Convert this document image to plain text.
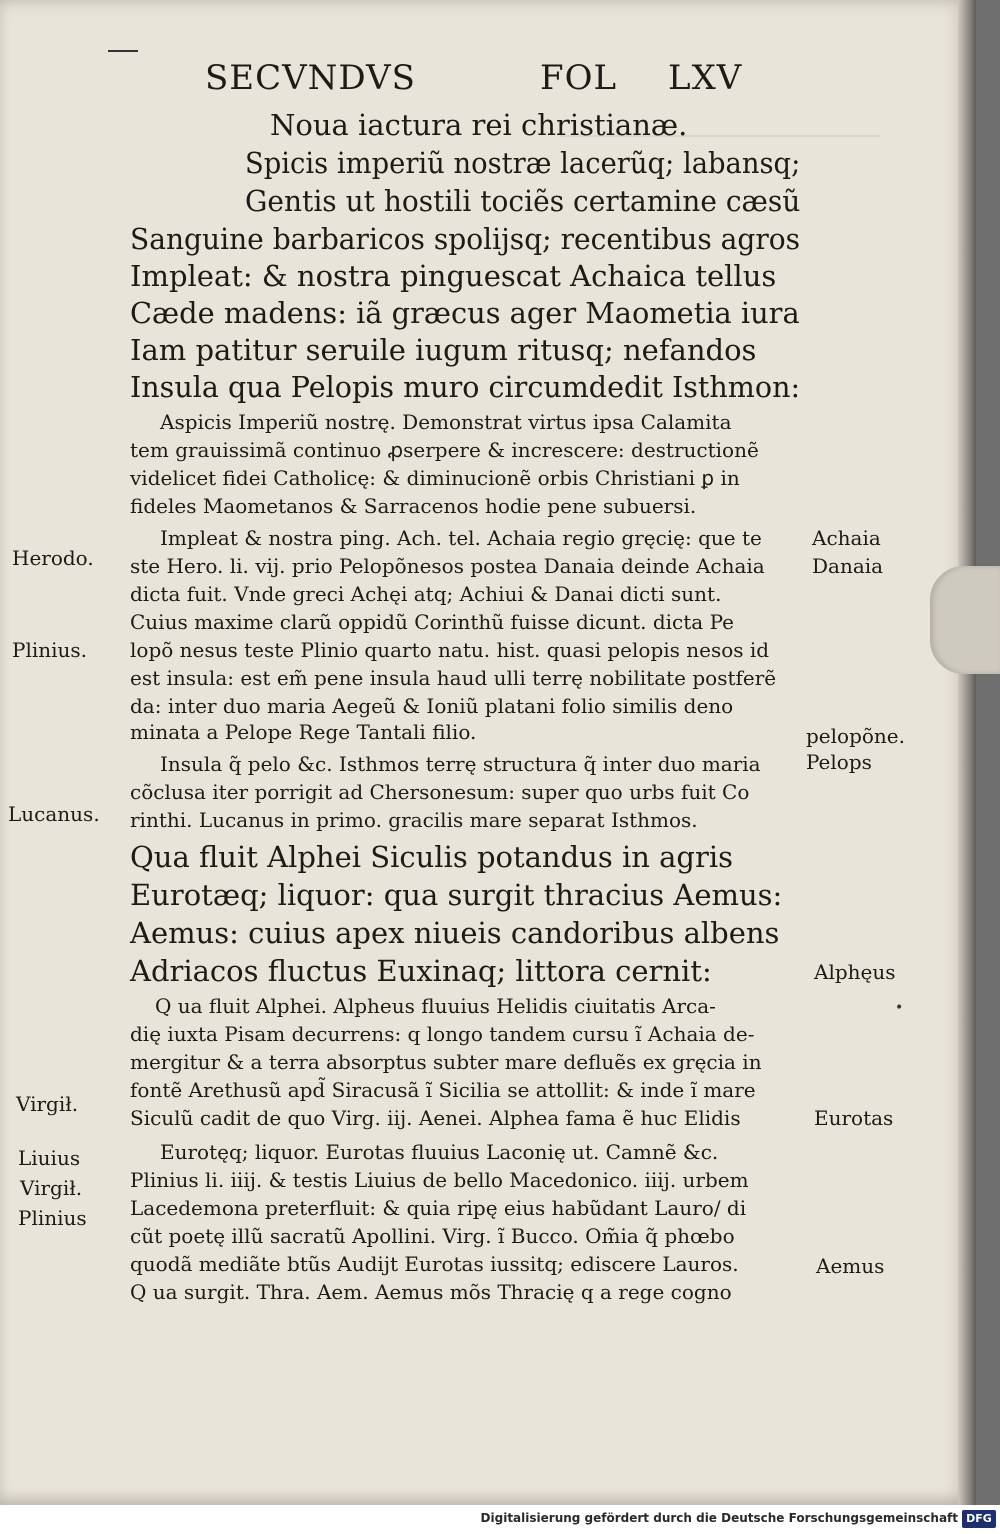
SECVNDVS	FOL LXV
Noua iactura rei christianæ.
Spicis imperiũ nostræ lacerũq; labansq;
Gentis ut hostili tociẽs certamine cæsũ
Sanguine barbaricos spolijsq; recentibus agros
Impleat: & nostra pinguescat Achaica tellus
Cæde madens: iã græcus ager Maometia iura
Iam patitur seruile iugum ritusq; nefandos
Insula qua Pelopis muro circumdedit Isthmon:
Aspicis Imperiũ nostrę. Demonstrat virtus ipsa Calamita
tem grauissimã continuo ꝓserpere & increscere: destructionẽ
videlicet fidei Catholicę: & diminucionẽ orbis Christiani ꝑ in
fideles Maometanos & Sarracenos hodie pene subuersi.
Impleat & nostra ping. Ach. tel. Achaia regio gręcię: que te
ste Hero. li. vij. prio Pelopõnesos postea Danaia deinde Achaia
dicta fuit. Vnde greci Achęi atq; Achiui & Danai dicti sunt.
Cuius maxime clarũ oppidũ Corinthũ fuisse dicunt. dicta Pe
lopõ nesus teste Plinio quarto natu. hist. quasi pelopis nesos id
est insula: est em̃ pene insula haud ulli terrę nobilitate postferẽ
da: inter duo maria Aegeũ & Ioniũ platani folio similis deno
minata a Pelope Rege Tantali filio.
Insula q̃ pelo &c. Isthmos terrę structura q̃ inter duo maria
cõclusa iter porrigit ad Chersonesum: super quo urbs fuit Co
rinthi. Lucanus in primo. gracilis mare separat Isthmos.
Qua fluit Alphei Siculis potandus in agris
Eurotæq; liquor: qua surgit thracius Aemus:
Aemus: cuius apex niueis candoribus albens
Adriacos fluctus Euxinaq; littora cernit:
Q ua fluit Alphei. Alpheus fluuius Helidis ciuitatis Arca-
dię iuxta Pisam decurrens: q longo tandem cursu ĩ Achaia de-
mergitur & a terra absorptus subter mare defluẽs ex gręcia in
fontẽ Arethusũ apd̃ Siracusã ĩ Sicilia se attollit: & inde ĩ mare
Siculũ cadit de quo Virg. iij. Aenei. Alphea fama ẽ huc Elidis
Eurotęq; liquor. Eurotas fluuius Laconię ut. Camnẽ &c.
Plinius li. iiij. & testis Liuius de bello Macedonico. iiij. urbem
Lacedemona preterfluit: & quia ripę eius habũdant Lauro/ di
cũt poetę illũ sacratũ Apollini. Virg. ĩ Bucco. Om̃ia q̃ phœbo
quodã mediãte btũs Audijt Eurotas iussitq; ediscere Lauros.
Q ua surgit. Thra. Aem. Aemus mõs Thracię q a rege cogno
Herodo.
Plinius.
Lucanus.
Virgił.
Liuius
Virgił.
Plinius
Achaia
Danaia
pelopõne.
Pelops
Alphęus
Eurotas
Aemus
•
Digitalisierung gefördert durch die Deutsche Forschungsgemeinschaft DFG
